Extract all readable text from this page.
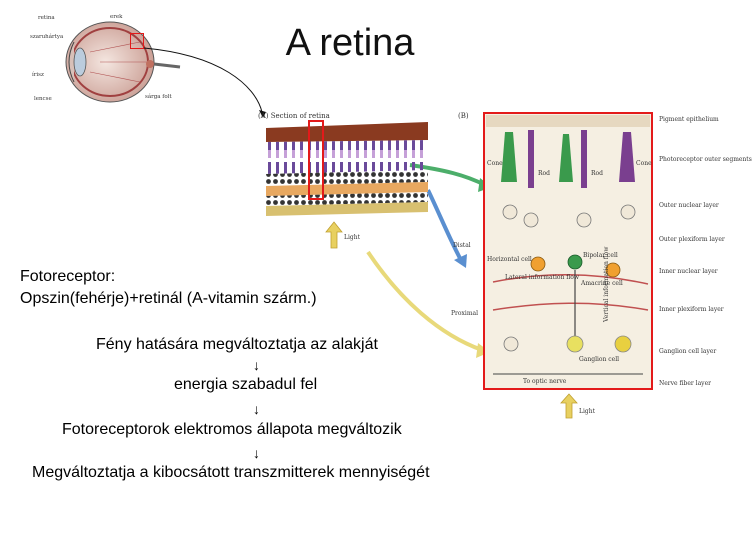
A retina
retina	erek
szaruhártya
írisz
lencse	sárga folt
(A) Section of retina	(B)
Light
Cone
Rod	Rod
Cone
Horizontal cell
Bipolar cell
Lateral information flow
Amacrine cell
Ganglion cell
To optic nerve
Pigment epithelium
Photoreceptor outer segments
Outer nuclear layer
Outer plexiform layer
Inner nuclear layer
Inner plexiform layer
Ganglion cell layer
Nerve fiber layer
Vertical information flow
Distal
Proximal
Light
Fotoreceptor:
Opszin(fehérje)+retinál (A-vitamin szárm.)
Fény hatására megváltoztatja az alakját
↓
energia szabadul fel
↓
Fotoreceptorok elektromos állapota megváltozik
↓
Megváltoztatja a kibocsátott transzmitterek mennyiségét
